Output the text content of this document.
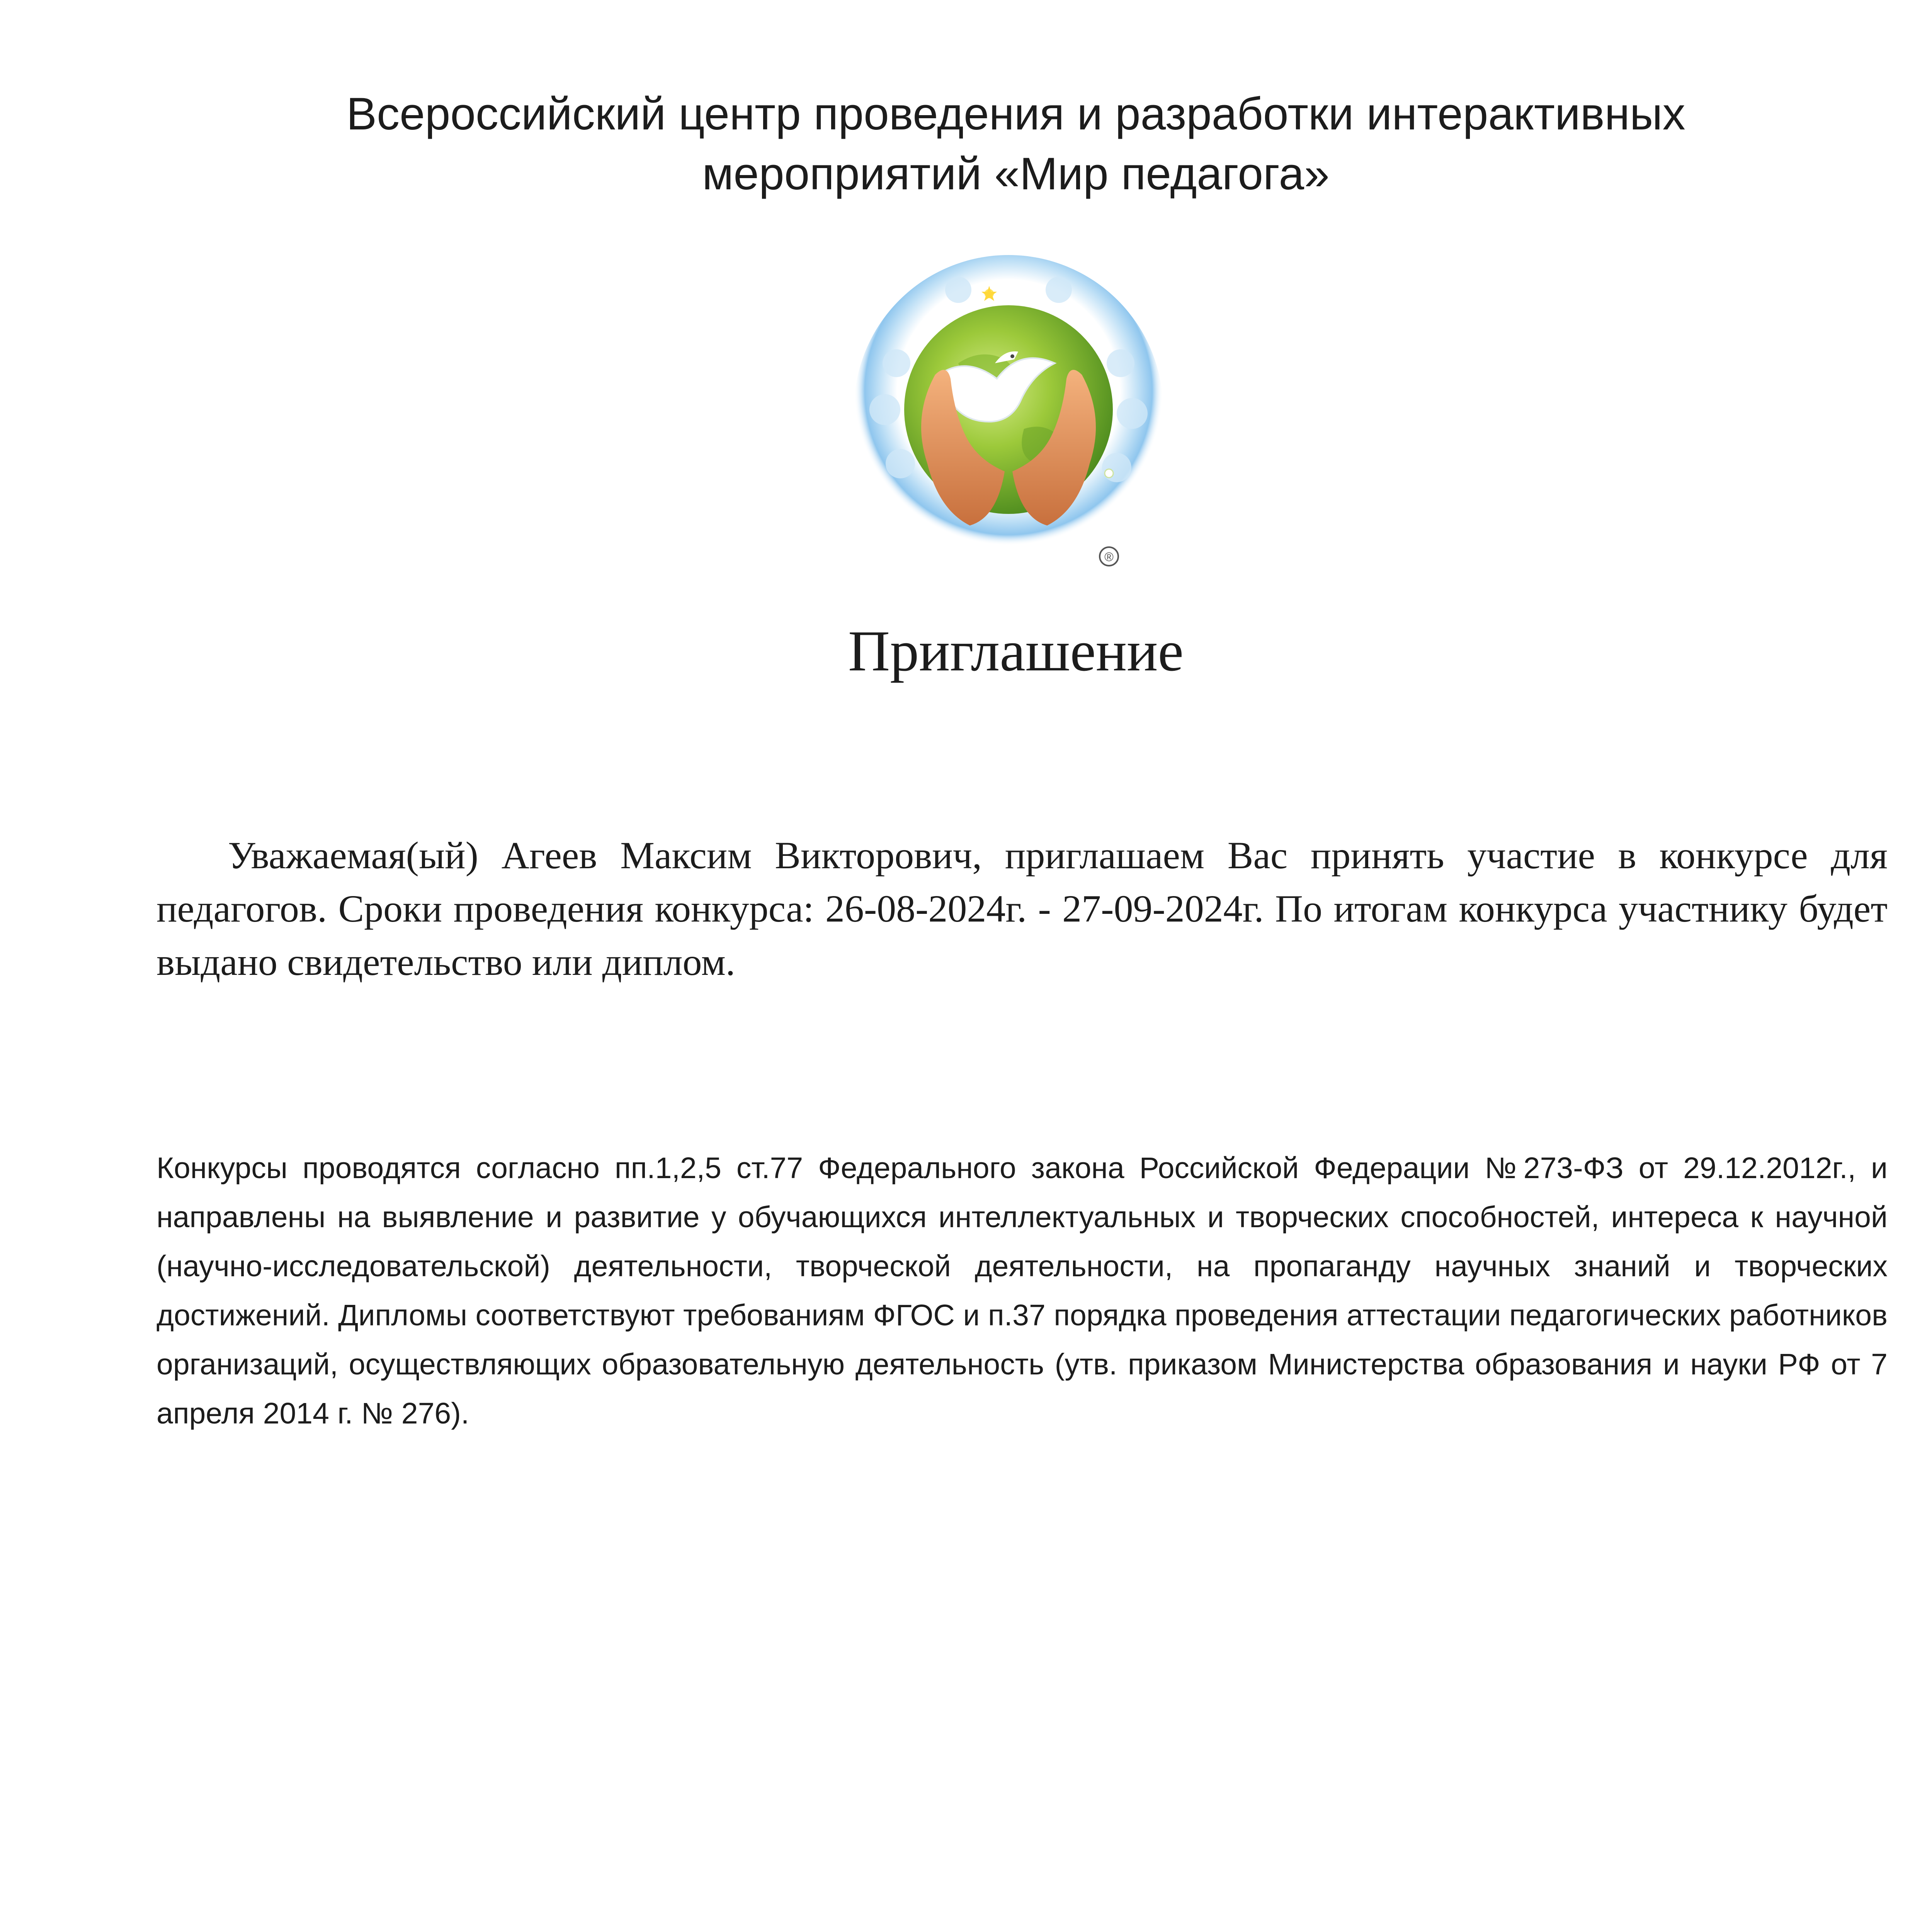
Всероссийский центр проведения и разработки интерактивных
мероприятий «Мир педагога»
®
Приглашение
Уважаемая(ый) Агеев Максим Викторович, приглашаем Вас принять участие в конкурсе для педагогов. Сроки проведения конкурса: 26-08-2024г. - 27-09-2024г. По итогам конкурса участнику будет выдано свидетельство или диплом.
Конкурсы проводятся согласно пп.1,2,5 ст.77 Федерального закона Российской Федерации №273-ФЗ от 29.12.2012г., и направлены на выявление и развитие у обучающихся интеллектуальных и творческих способностей, интереса к научной (научно-исследовательской) деятельности, творческой деятельности, на пропаганду научных знаний и творческих достижений. Дипломы соответствуют требованиям ФГОС и п.37 порядка проведения аттестации педагогических работников организаций, осуществляющих образовательную деятельность (утв. приказом Министерства образования и науки РФ от 7 апреля 2014 г. № 276).
